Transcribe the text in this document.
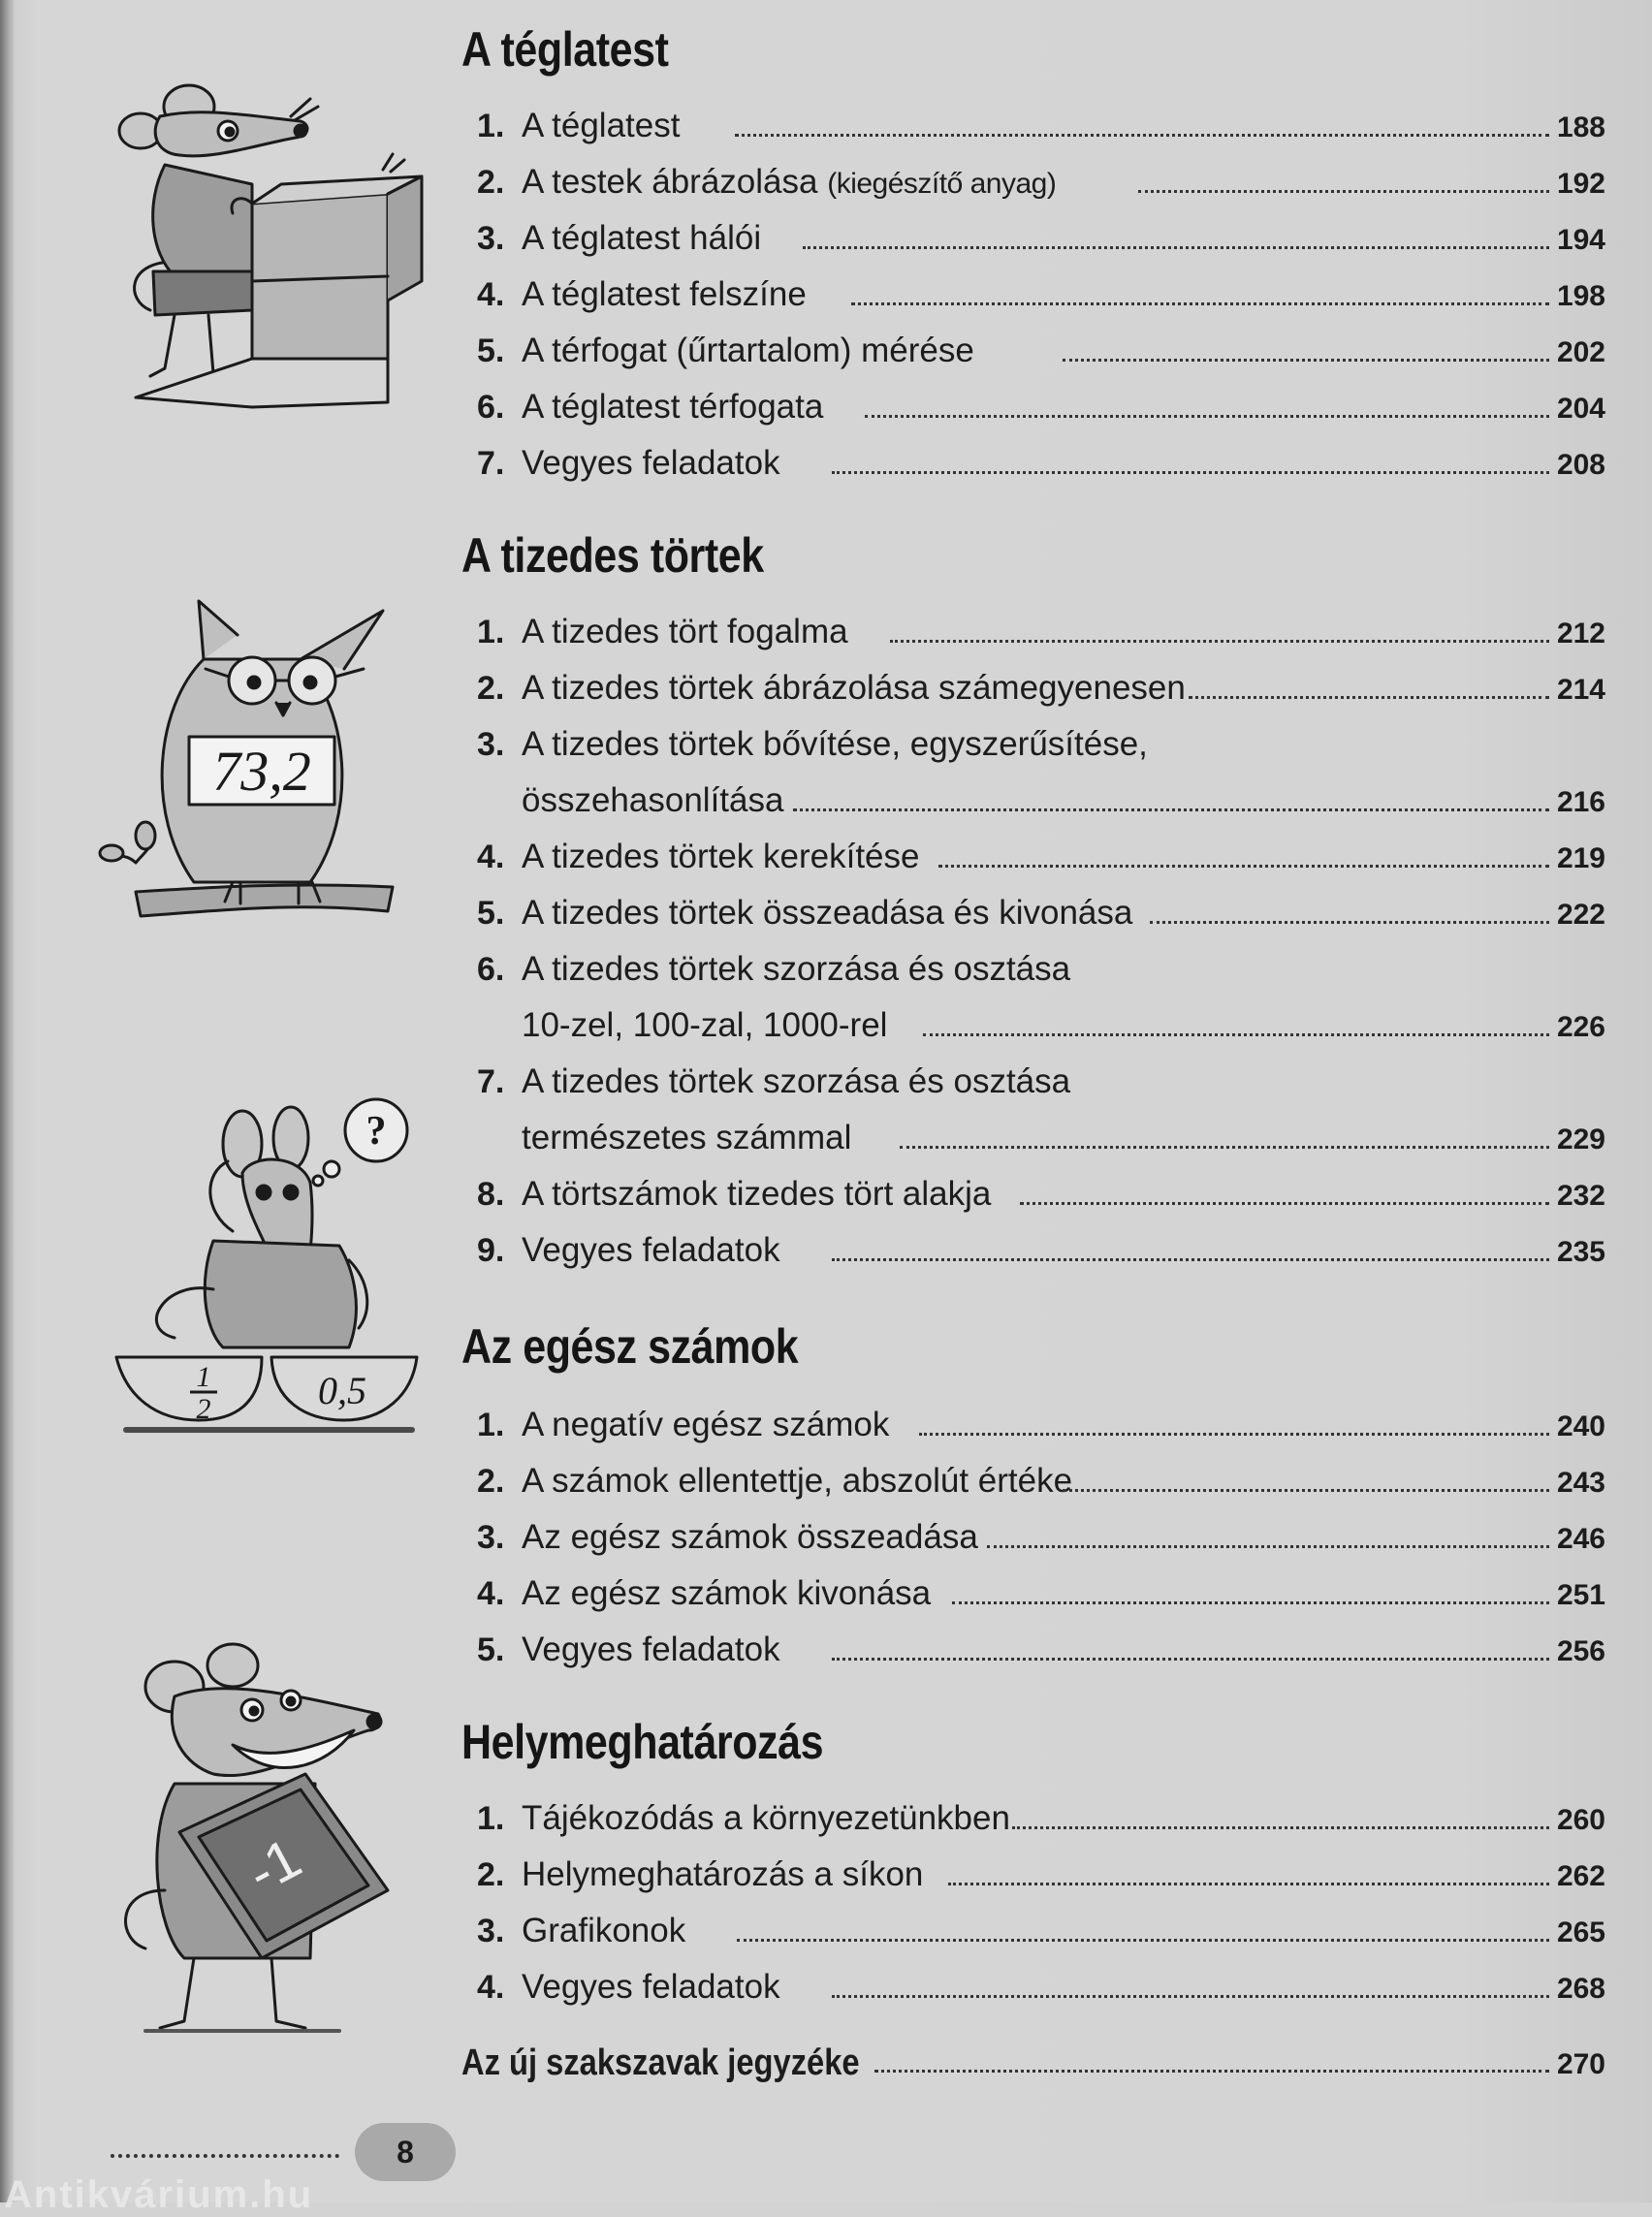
73,2
1
2	0,5
?
-1
A téglatest
1. A téglatest	188
2. A testek ábrázolása (kiegészítő anyag)	192
3. A téglatest hálói	194
4. A téglatest felszíne	198
5. A térfogat (űrtartalom) mérése	202
6. A téglatest térfogata	204
7. Vegyes feladatok	208
A tizedes törtek
1. A tizedes tört fogalma	212
2. A tizedes törtek ábrázolása számegyenesen	214
3. A tizedes törtek bővítése, egyszerűsítése,
összehasonlítása	216
4. A tizedes törtek kerekítése	219
5. A tizedes törtek összeadása és kivonása	222
6. A tizedes törtek szorzása és osztása
10-zel, 100-zal, 1000-rel	226
7. A tizedes törtek szorzása és osztása
természetes számmal	229
8. A törtszámok tizedes tört alakja	232
9. Vegyes feladatok	235
Az egész számok
1. A negatív egész számok	240
2. A számok ellentettje, abszolút értéke	243
3. Az egész számok összeadása	246
4. Az egész számok kivonása	251
5. Vegyes feladatok	256
Helymeghatározás
1. Tájékozódás a környezetünkben	260
2. Helymeghatározás a síkon	262
3. Grafikonok	265
4. Vegyes feladatok	268
Az új szakszavak jegyzéke	270
8
Antikvárium.hu
